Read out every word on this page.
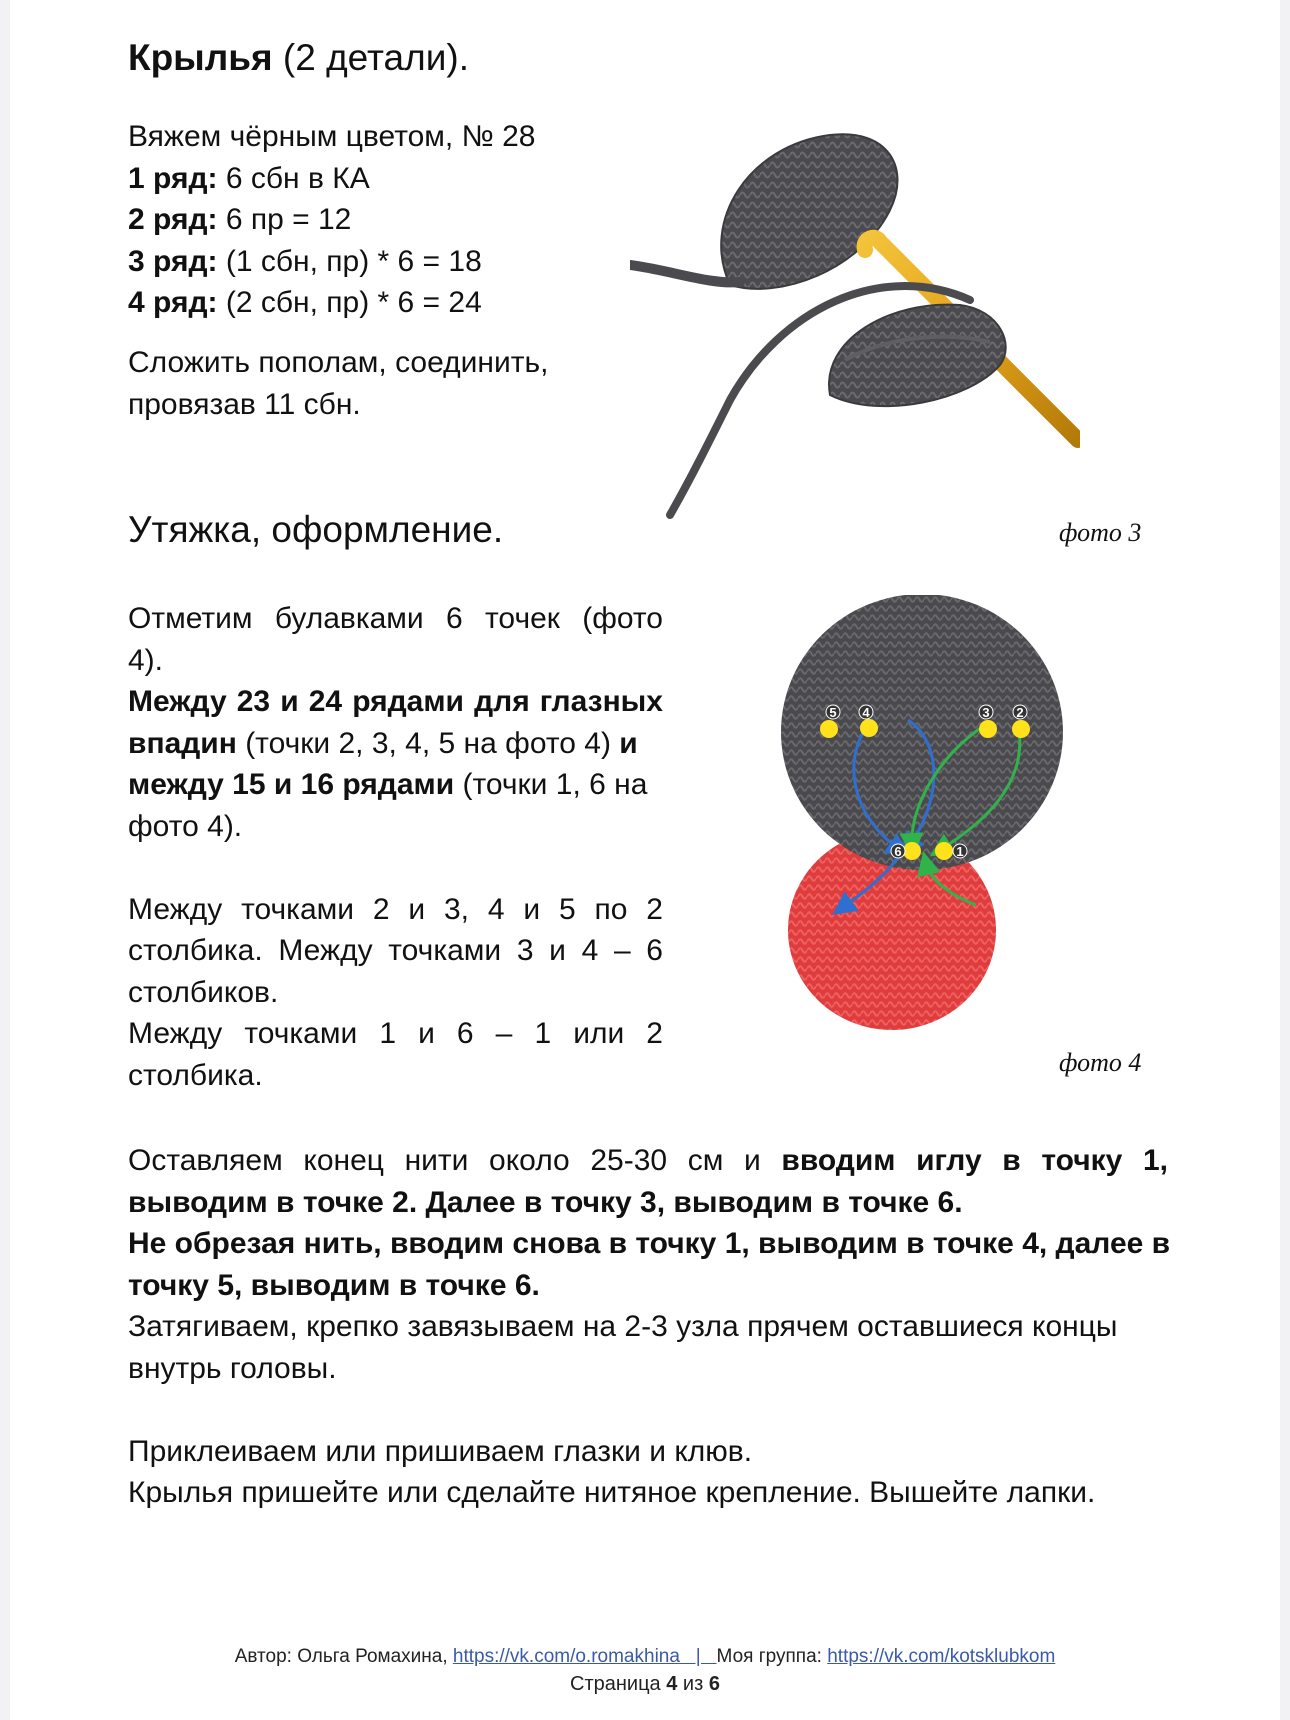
Крылья (2 детали).
Вяжем чёрным цветом, № 28
1 ряд: 6 сбн в КА
2 ряд: 6 пр = 12
3 ряд: (1 сбн, пр) * 6 = 18
4 ряд: (2 сбн, пр) * 6 = 24
Сложить пополам, соединить,
провязав 11 сбн.
фото 3
Утяжка, оформление.
Отметим булавками 6 точек (фото
4).
Между 23 и 24 рядами для глазных
впадин (точки 2, 3, 4, 5 на фото 4) и
между 15 и 16 рядами (точки 1, 6 на
фото 4).
Между точками 2 и 3, 4 и 5 по 2
столбика. Между точками 3 и 4 – 6
столбиков.
Между точками 1 и 6 – 1 или 2
столбика.
5 4	3 2
6	1
фото 4
Оставляем конец нити около 25-30 см и вводим иглу в точку 1,
выводим в точке 2. Далее в точку 3, выводим в точке 6.
Не обрезая нить, вводим снова в точку 1, выводим в точке 4, далее в
точку 5, выводим в точке 6.
Затягиваем, крепко завязываем на 2-3 узла прячем оставшиеся концы
внутрь головы.
Приклеиваем или пришиваем глазки и клюв.
Крылья пришейте или сделайте нитяное крепление. Вышейте лапки.
Автор: Ольга Ромахина, https://vk.com/o.romakhina   |   Моя группа: https://vk.com/kotsklubkom
Страница 4 из 6
